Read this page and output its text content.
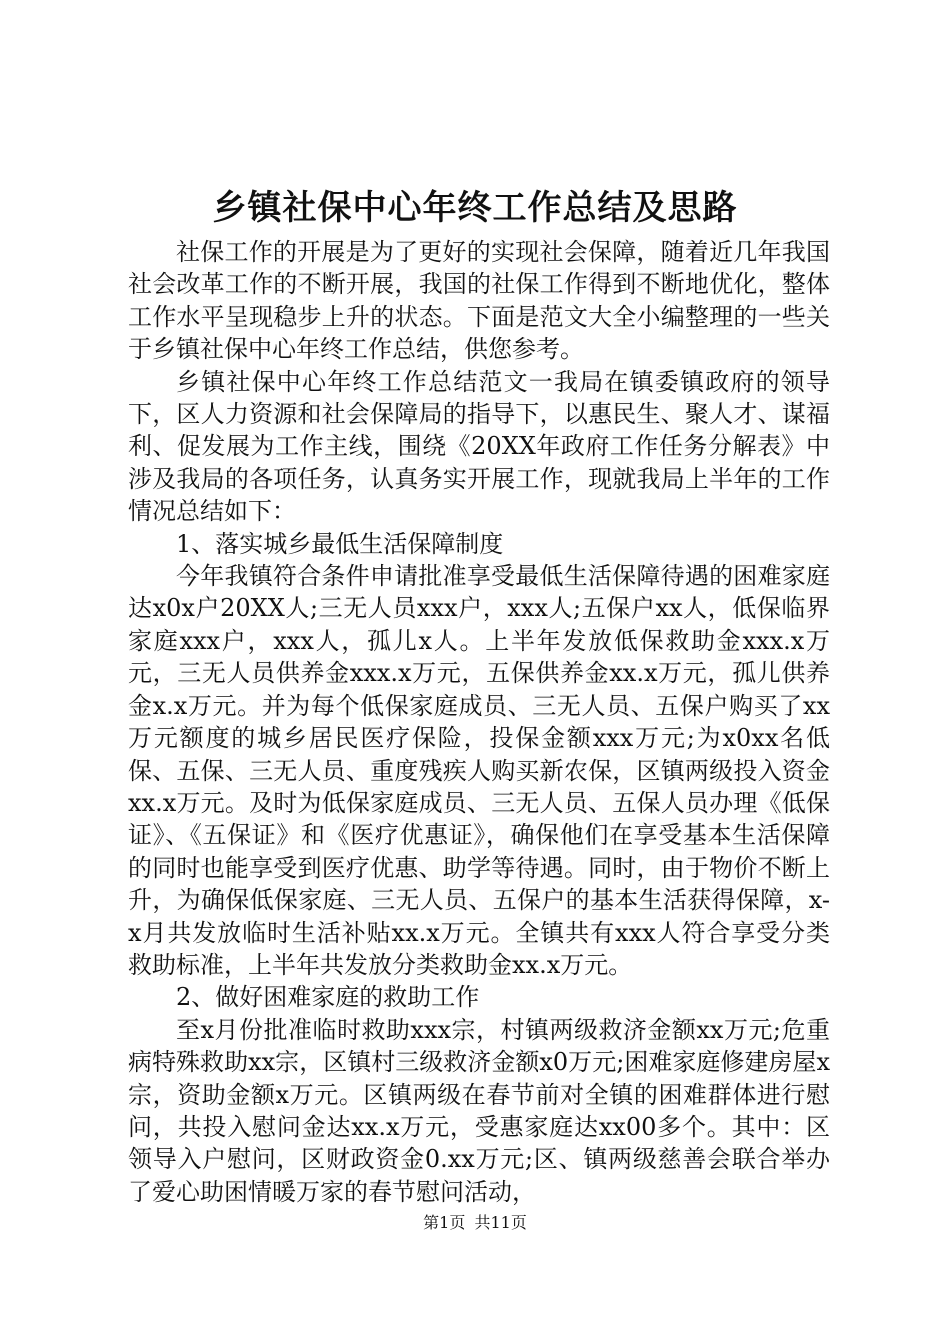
乡镇社保中心年终工作总结及思路

社保工作的开展是为了更好的实现社会保障，随着近几年我国社会改革工作的不断开展，我国的社保工作得到不断地优化，整体工作水平呈现稳步上升的状态。下面是范文大全小编整理的一些关于乡镇社保中心年终工作总结，供您参考。

乡镇社保中心年终工作总结范文一我局在镇委镇政府的领导下，区人力资源和社会保障局的指导下，以惠民生、聚人才、谋福利、促发展为工作主线，围绕《20XX年政府工作任务分解表》中涉及我局的各项任务，认真务实开展工作，现就我局上半年的工作情况总结如下：

1、落实城乡最低生活保障制度

今年我镇符合条件申请批准享受最低生活保障待遇的困难家庭达x0x户20XX人;三无人员xxx户，xxx人;五保户xx人，低保临界家庭xxx户，xxx人，孤儿x人。上半年发放低保救助金xxx.x万元，三无人员供养金xxx.x万元，五保供养金xx.x万元，孤儿供养金x.x万元。并为每个低保家庭成员、三无人员、五保户购买了xx万元额度的城乡居民医疗保险，投保金额xxx万元;为x0xx名低保、五保、三无人员、重度残疾人购买新农保，区镇两级投入资金xx.x万元。及时为低保家庭成员、三无人员、五保人员办理《低保证》、《五保证》和《医疗优惠证》，确保他们在享受基本生活保障的同时也能享受到医疗优惠、助学等待遇。同时，由于物价不断上升，为确保低保家庭、三无人员、五保户的基本生活获得保障，x-x月共发放临时生活补贴xx.x万元。全镇共有xxx人符合享受分类救助标准，上半年共发放分类救助金xx.x万元。

2、做好困难家庭的救助工作

至x月份批准临时救助xxx宗，村镇两级救济金额xx万元;危重病特殊救助xx宗，区镇村三级救济金额x0万元;困难家庭修建房屋x宗，资助金额x万元。区镇两级在春节前对全镇的困难群体进行慰问，共投入慰问金达xx.x万元，受惠家庭达xx00多个。其中：区领导入户慰问，区财政资金0.xx万元;区、镇两级慈善会联合举办了爱心助困情暖万家的春节慰问活动，

第1页 共11页
